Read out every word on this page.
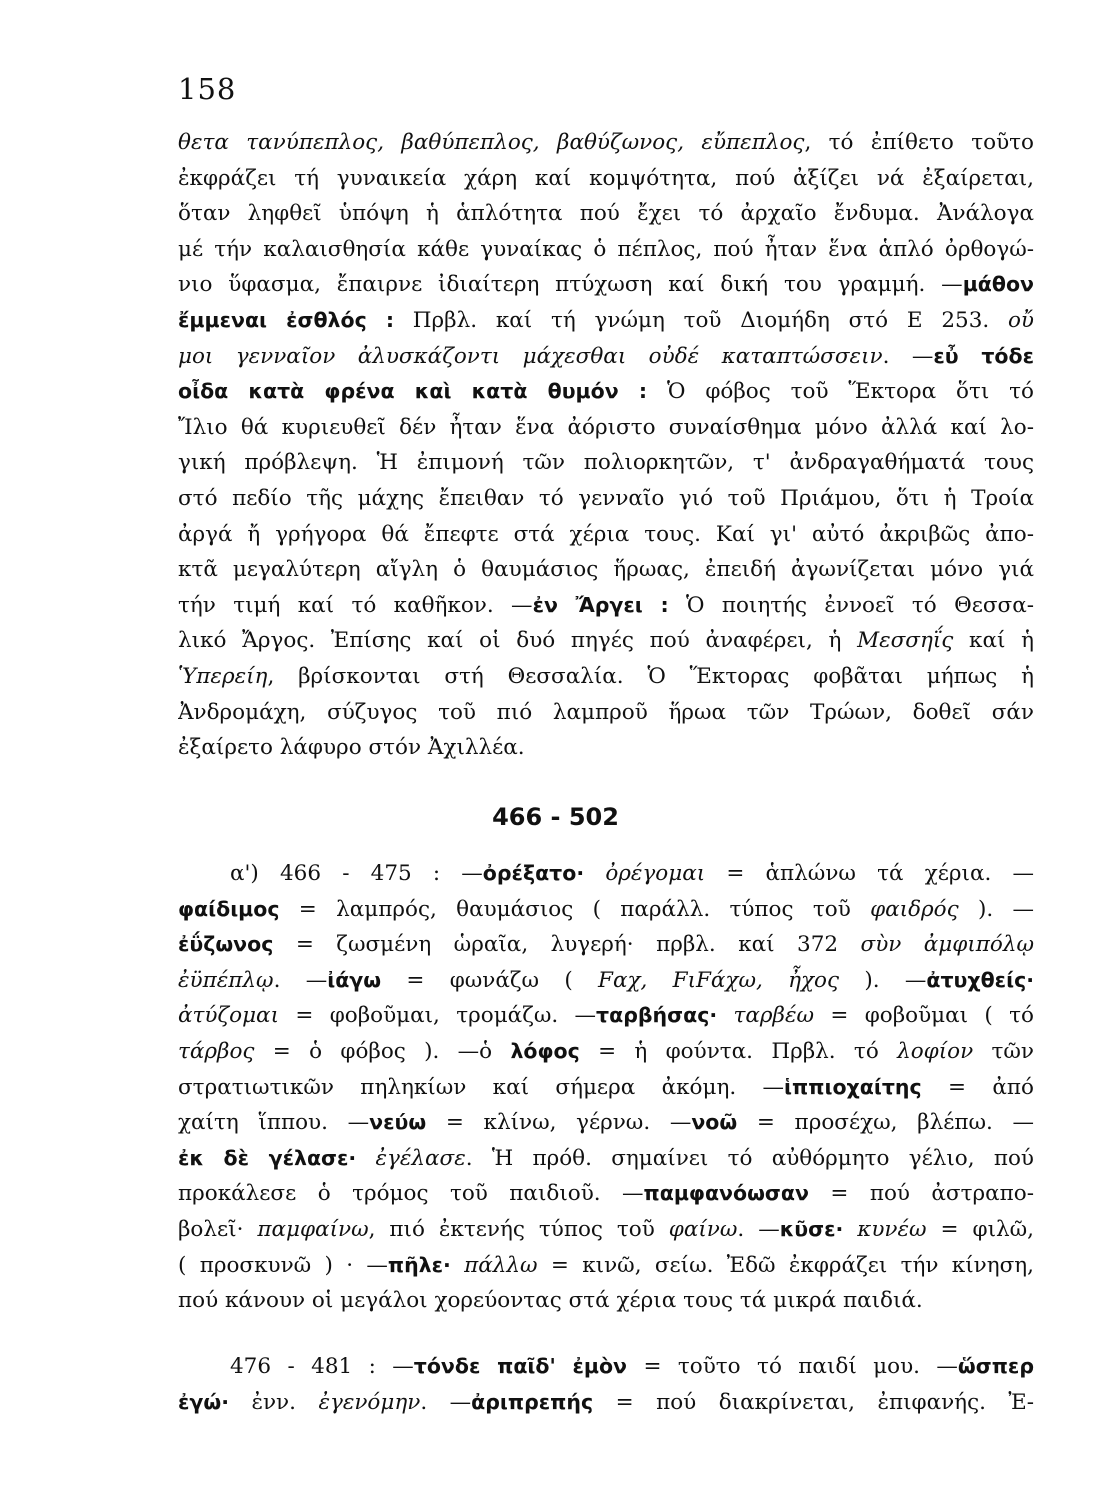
158
θετα τανύπεπλος, βαθύπεπλος, βαθύζωνος, εὔπεπλος, τό ἐπίθετο τοῦτο
ἐκφράζει τή γυναικεία χάρη καί κομψότητα, πού ἀξίζει νά ἐξαίρεται,
ὅταν ληφθεῖ ὑπόψη ἡ ἁπλότητα πού ἔχει τό ἀρχαῖο ἔνδυμα. Ἀνάλογα
μέ τήν καλαισθησία κάθε γυναίκας ὁ πέπλος, πού ἦταν ἕνα ἁπλό ὀρθογώ-
νιο ὕφασμα, ἔπαιρνε ἰδιαίτερη πτύχωση καί δική του γραμμή. —μάθον
ἔμμεναι ἐσθλός : Πρβλ. καί τή γνώμη τοῦ Διομήδη στό Ε 253. οὔ
μοι γενναῖον ἀλυσκάζοντι μάχεσθαι οὐδέ καταπτώσσειν. —εὖ τόδε
οἶδα κατὰ φρένα καὶ κατὰ θυμόν : Ὁ φόβος τοῦ Ἕκτορα ὅτι τό
Ἴλιο θά κυριευθεῖ δέν ἦταν ἕνα ἀόριστο συναίσθημα μόνο ἀλλά καί λο-
γική πρόβλεψη. Ἡ ἐπιμονή τῶν πολιορκητῶν, τ' ἀνδραγαθήματά τους
στό πεδίο τῆς μάχης ἔπειθαν τό γενναῖο γιό τοῦ Πριάμου, ὅτι ἡ Τροία
ἀργά ἤ γρήγορα θά ἔπεφτε στά χέρια τους. Καί γι' αὐτό ἀκριβῶς ἀπο-
κτᾶ μεγαλύτερη αἴγλη ὁ θαυμάσιος ἥρωας, ἐπειδή ἀγωνίζεται μόνο γιά
τήν τιμή καί τό καθῆκον. —ἐν Ἄργει : Ὁ ποιητής ἐννοεῖ τό Θεσσα-
λικό Ἄργος. Ἐπίσης καί οἱ δυό πηγές πού ἀναφέρει, ἡ Μεσσηΐς καί ἡ
Ὑπερείη, βρίσκονται στή Θεσσαλία. Ὁ Ἕκτορας φοβᾶται μήπως ἡ
Ἀνδρομάχη, σύζυγος τοῦ πιό λαμπροῦ ἥρωα τῶν Τρώων, δοθεῖ σάν
ἐξαίρετο λάφυρο στόν Ἀχιλλέα.
466 - 502
α') 466 - 475 : —ὀρέξατο· ὀρέγομαι = ἁπλώνω τά χέρια. —
φαίδιμος = λαμπρός, θαυμάσιος ( παράλλ. τύπος τοῦ φαιδρός ). —
ἐΰζωνος = ζωσμένη ὡραῖα, λυγερή· πρβλ. καί 372 σὺν ἀμφιπόλῳ
ἐϋπέπλῳ. —ἰάγω = φωνάζω ( Fαχ, FιFάχω, ἦχος ). —ἀτυχθείς·
ἀτύζομαι = φοβοῦμαι, τρομάζω. —ταρβήσας· ταρβέω = φοβοῦμαι ( τό
τάρβος = ὁ φόβος ). —ὁ λόφος = ἡ φούντα. Πρβλ. τό λοφίον τῶν
στρατιωτικῶν πηληκίων καί σήμερα ἀκόμη. —ἱππιοχαίτης = ἀπό
χαίτη ἵππου. —νεύω = κλίνω, γέρνω. —νοῶ = προσέχω, βλέπω. —
ἐκ δὲ γέλασε· ἐγέλασε. Ἡ πρόθ. σημαίνει τό αὐθόρμητο γέλιο, πού
προκάλεσε ὁ τρόμος τοῦ παιδιοῦ. —παμφανόωσαν = πού ἀστραπο-
βολεῖ· παμφαίνω, πιό ἐκτενής τύπος τοῦ φαίνω. —κῦσε· κυνέω = φιλῶ,
( προσκυνῶ ) · —πῆλε· πάλλω = κινῶ, σείω. Ἐδῶ ἐκφράζει τήν κίνηση,
πού κάνουν οἱ μεγάλοι χορεύοντας στά χέρια τους τά μικρά παιδιά.
476 - 481 : —τόνδε παῖδ' ἐμὸν = τοῦτο τό παιδί μου. —ὥσπερ
ἐγώ· ἐνν. ἐγενόμην. —ἀριπρεπής = πού διακρίνεται, ἐπιφανής. Ἐ-
